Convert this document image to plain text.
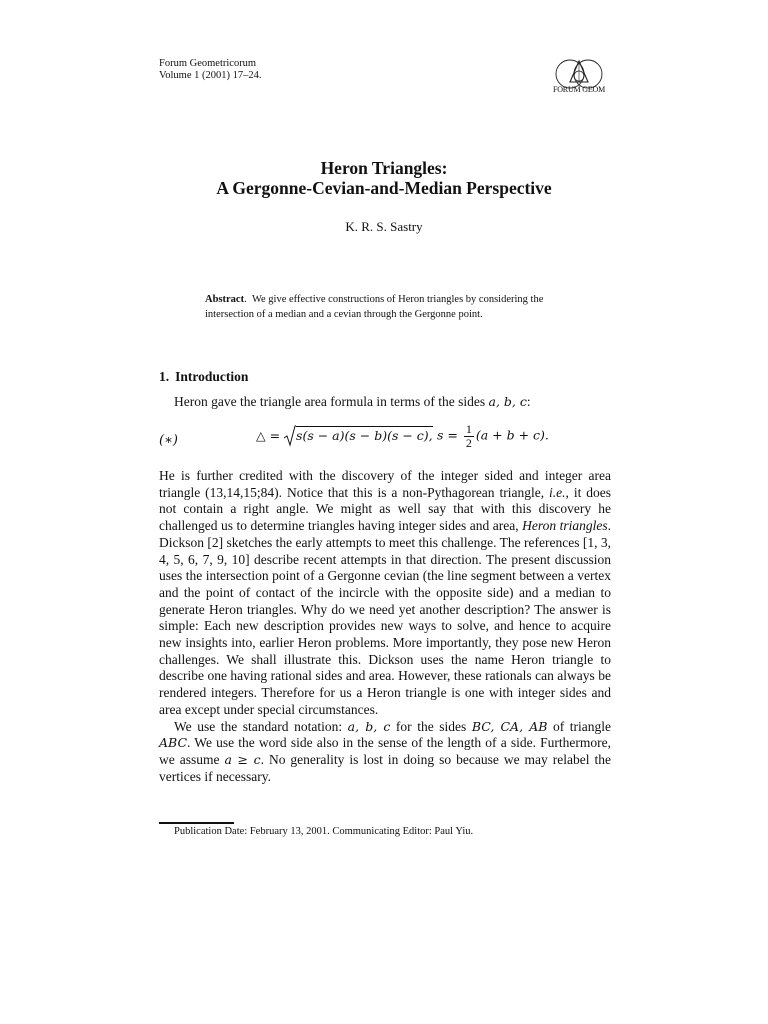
Forum Geometricorum
Volume 1 (2001) 17–24.
FORUM GEOM
Heron Triangles:
A Gergonne-Cevian-and-Median Perspective
K. R. S. Sastry
Abstract.  We give effective constructions of Heron triangles by considering the intersection of a median and a cevian through the Gergonne point.
1. Introduction
Heron gave the triangle area formula in terms of the sides a, b, c:
(∗)	△ = s(s − a)(s − b)(s − c), $s = \frac{1}{2} (a + b + c)$.

He is further credited with the discovery of the integer sided and integer area triangle (13,14,15;84). Notice that this is a non-Pythagorean triangle, i.e., it does not contain a right angle. We might as well say that with this discovery he challenged us to determine triangles having integer sides and area, Heron triangles. Dickson [2] sketches the early attempts to meet this challenge. The references [1, 3, 4, 5, 6, 7, 9, 10] describe recent attempts in that direction. The present discussion uses the intersection point of a Gergonne cevian (the line segment between a vertex and the point of contact of the incircle with the opposite side) and a median to generate Heron triangles. Why do we need yet another description? The answer is simple: Each new description provides new ways to solve, and hence to acquire new insights into, earlier Heron problems. More importantly, they pose new Heron challenges. We shall illustrate this. Dickson uses the name Heron triangle to describe one having rational sides and area. However, these rationals can always be rendered integers. Therefore for us a Heron triangle is one with integer sides and area except under special circumstances.

We use the standard notation: a, b, c for the sides BC, CA, AB of triangle ABC. We use the word side also in the sense of the length of a side. Furthermore, we assume a ≥ c. No generality is lost in doing so because we may relabel the vertices if necessary.

Publication Date: February 13, 2001. Communicating Editor: Paul Yiu.
